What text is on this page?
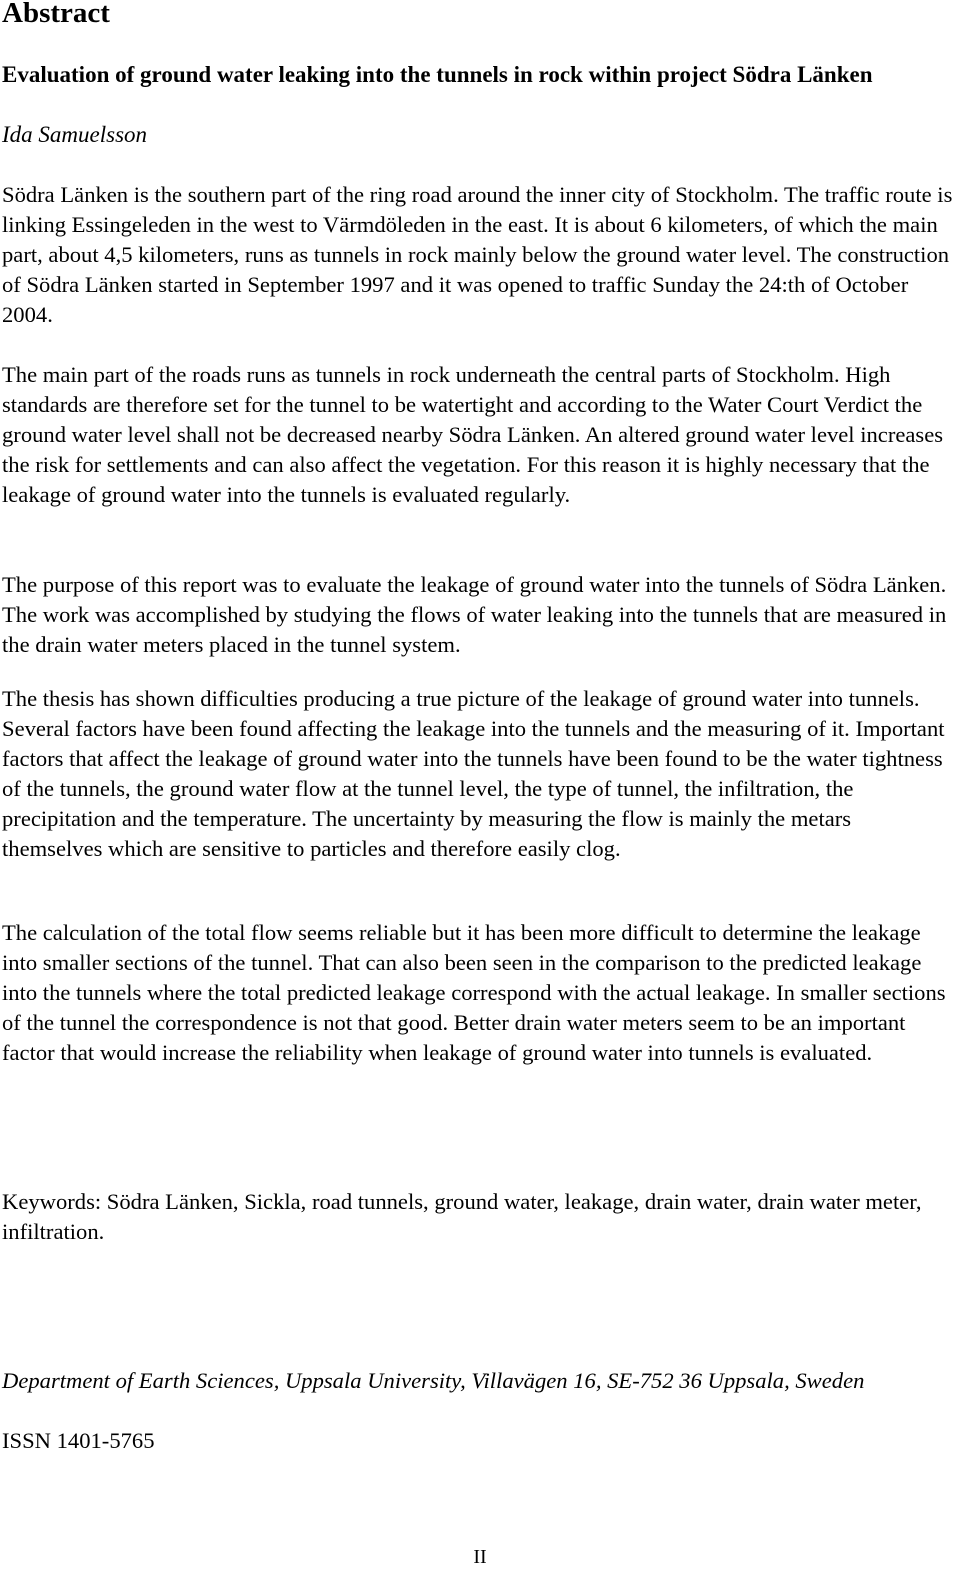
Abstract

Evaluation of ground water leaking into the tunnels in rock within project Södra Länken

Ida Samuelsson

Södra Länken is the southern part of the ring road around the inner city of Stockholm. The traffic route is linking Essingeleden in the west to Värmdöleden in the east. It is about 6 kilometers, of which the main part, about 4,5 kilometers, runs as tunnels in rock mainly below the ground water level. The construction of Södra Länken started in September 1997 and it was opened to traffic Sunday the 24:th of October 2004.

The main part of the roads runs as tunnels in rock underneath the central parts of Stockholm. High standards are therefore set for the tunnel to be watertight and according to the Water Court Verdict the ground water level shall not be decreased nearby Södra Länken. An altered ground water level increases the risk for settlements and can also affect the vegetation. For this reason it is highly necessary that the leakage of ground water into the tunnels is evaluated regularly.

The purpose of this report was to evaluate the leakage of ground water into the tunnels of Södra Länken. The work was accomplished by studying the flows of water leaking into the tunnels that are measured in the drain water meters placed in the tunnel system.

The thesis has shown difficulties producing a true picture of the leakage of ground water into tunnels. Several factors have been found affecting the leakage into the tunnels and the measuring of it. Important factors that affect the leakage of ground water into the tunnels have been found to be the water tightness of the tunnels, the ground water flow at the tunnel level, the type of tunnel, the infiltration, the precipitation and the temperature. The uncertainty by measuring the flow is mainly the metars themselves which are sensitive to particles and therefore easily clog.

The calculation of the total flow seems reliable but it has been more difficult to determine the leakage into smaller sections of the tunnel. That can also been seen in the comparison to the predicted leakage into the tunnels where the total predicted leakage correspond with the actual leakage. In smaller sections of the tunnel the correspondence is not that good. Better drain water meters seem to be an important factor that would increase the reliability when leakage of ground water into tunnels is evaluated.

Keywords: Södra Länken, Sickla, road tunnels, ground water, leakage, drain water, drain water meter, infiltration.

Department of Earth Sciences, Uppsala University, Villavägen 16, SE-752 36 Uppsala, Sweden

ISSN 1401-5765

II
